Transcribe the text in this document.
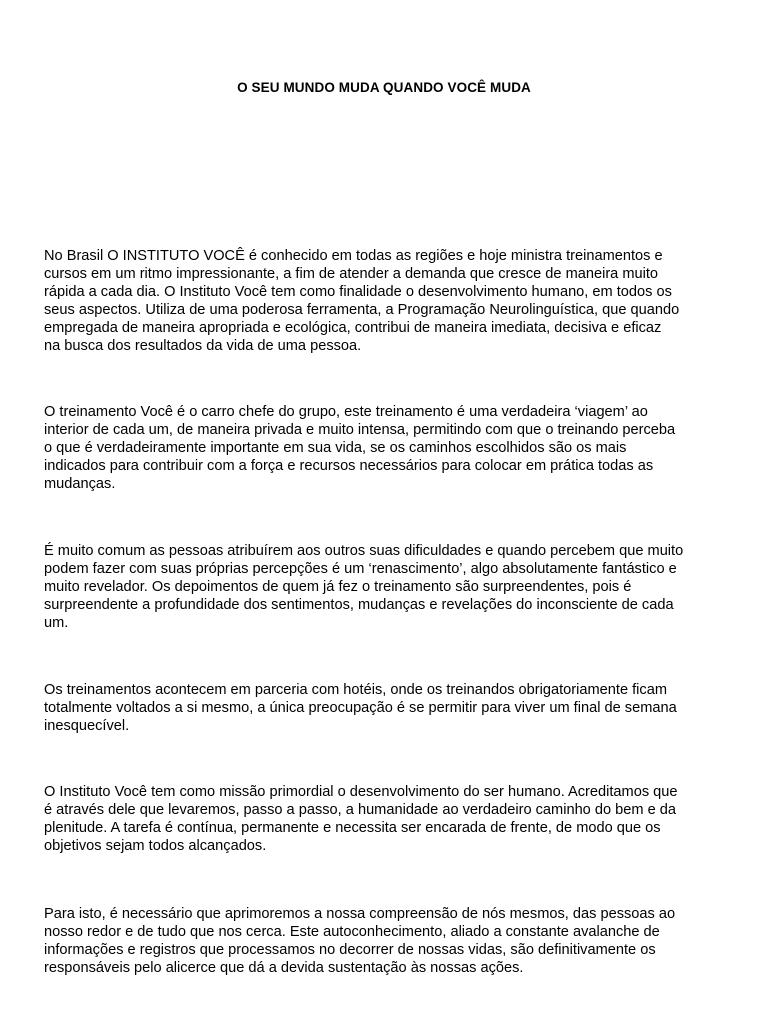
O SEU MUNDO MUDA QUANDO VOCÊ MUDA

No Brasil O INSTITUTO VOCÊ é conhecido em todas as regiões e hoje ministra treinamentos e
cursos em um ritmo impressionante, a fim de atender a demanda que cresce de maneira muito
rápida a cada dia. O Instituto Você tem como finalidade o desenvolvimento humano, em todos os
seus aspectos. Utiliza de uma poderosa ferramenta, a Programação Neurolinguística, que quando
empregada de maneira apropriada e ecológica, contribui de maneira imediata, decisiva e eficaz
na busca dos resultados da vida de uma pessoa.

O treinamento Você é o carro chefe do grupo, este treinamento é uma verdadeira ‘viagem’ ao
interior de cada um, de maneira privada e muito intensa, permitindo com que o treinando perceba
o que é verdadeiramente importante em sua vida, se os caminhos escolhidos são os mais
indicados para contribuir com a força e recursos necessários para colocar em prática todas as
mudanças.

É muito comum as pessoas atribuírem aos outros suas dificuldades e quando percebem que muito
podem fazer com suas próprias percepções é um ‘renascimento’, algo absolutamente fantástico e
muito revelador. Os depoimentos de quem já fez o treinamento são surpreendentes, pois é
surpreendente a profundidade dos sentimentos, mudanças e revelações do inconsciente de cada
um.

Os treinamentos acontecem em parceria com hotéis, onde os treinandos obrigatoriamente ficam
totalmente voltados a si mesmo, a única preocupação é se permitir para viver um final de semana
inesquecível.

O Instituto Você tem como missão primordial o desenvolvimento do ser humano. Acreditamos que
é através dele que levaremos, passo a passo, a humanidade ao verdadeiro caminho do bem e da
plenitude. A tarefa é contínua, permanente e necessita ser encarada de frente, de modo que os
objetivos sejam todos alcançados.

Para isto, é necessário que aprimoremos a nossa compreensão de nós mesmos, das pessoas ao
nosso redor e de tudo que nos cerca. Este autoconhecimento, aliado a constante avalanche de
informações e registros que processamos no decorrer de nossas vidas, são definitivamente os
responsáveis pelo alicerce que dá a devida sustentação às nossas ações.
